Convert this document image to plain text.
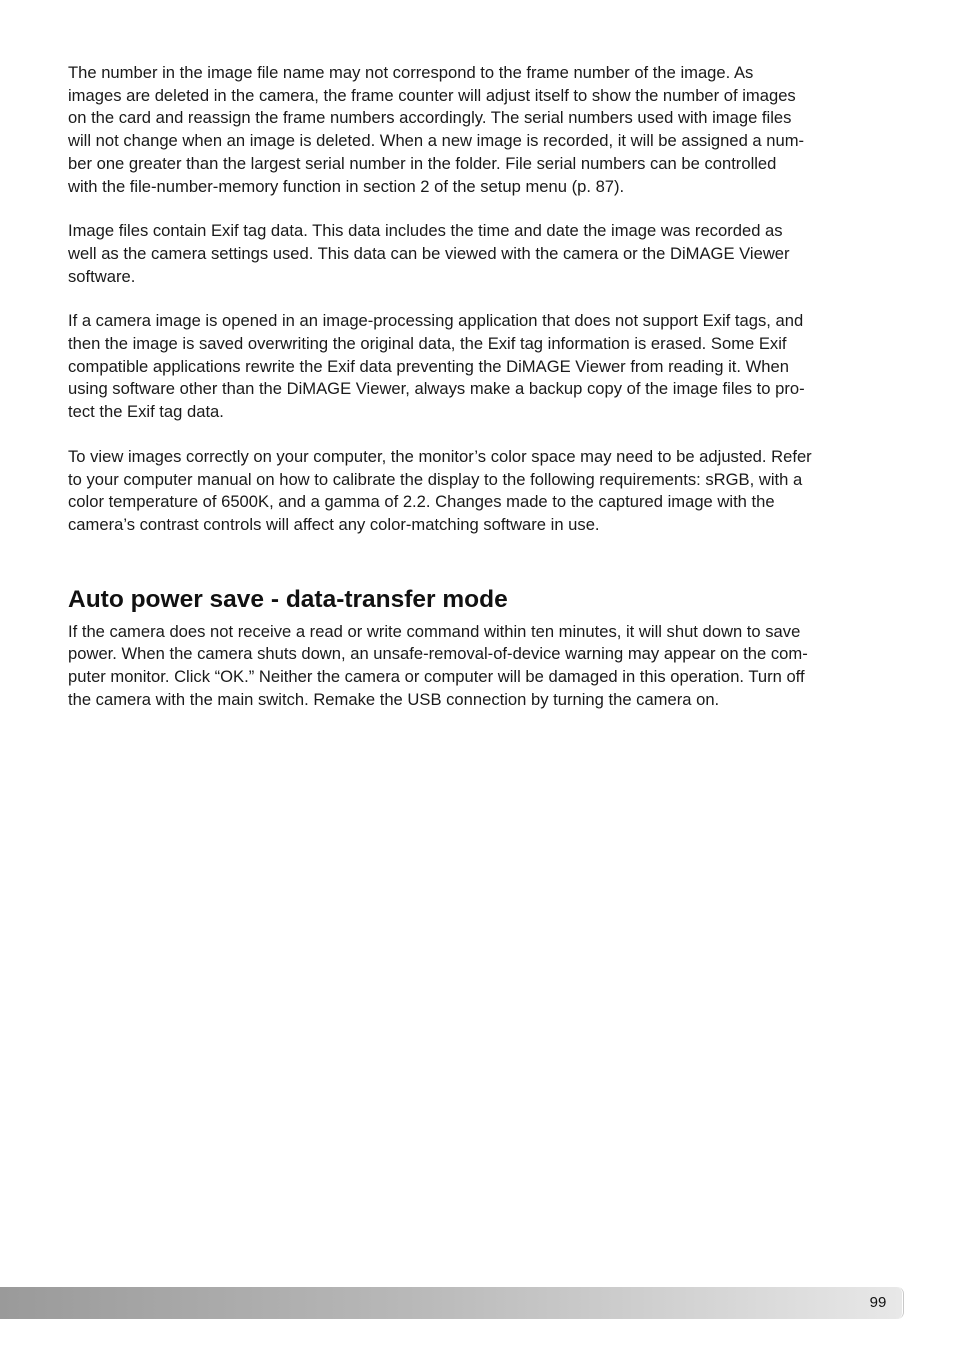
The number in the image file name may not correspond to the frame number of the image. As
images are deleted in the camera, the frame counter will adjust itself to show the number of images
on the card and reassign the frame numbers accordingly. The serial numbers used with image files
will not change when an image is deleted. When a new image is recorded, it will be assigned a num-
ber one greater than the largest serial number in the folder. File serial numbers can be controlled
with the file-number-memory function in section 2 of the setup menu (p. 87).

Image files contain Exif tag data. This data includes the time and date the image was recorded as
well as the camera settings used. This data can be viewed with the camera or the DiMAGE Viewer
software.

If a camera image is opened in an image-processing application that does not support Exif tags, and
then the image is saved overwriting the original data, the Exif tag information is erased. Some Exif
compatible applications rewrite the Exif data preventing the DiMAGE Viewer from reading it. When
using software other than the DiMAGE Viewer, always make a backup copy of the image files to pro-
tect the Exif tag data.

To view images correctly on your computer, the monitor’s color space may need to be adjusted. Refer
to your computer manual on how to calibrate the display to the following requirements: sRGB, with a
color temperature of 6500K, and a gamma of 2.2. Changes made to the captured image with the
camera’s contrast controls will affect any color-matching software in use.

Auto power save - data-transfer mode

If the camera does not receive a read or write command within ten minutes, it will shut down to save
power. When the camera shuts down, an unsafe-removal-of-device warning may appear on the com-
puter monitor. Click “OK.” Neither the camera or computer will be damaged in this operation. Turn off
the camera with the main switch. Remake the USB connection by turning the camera on.

99
